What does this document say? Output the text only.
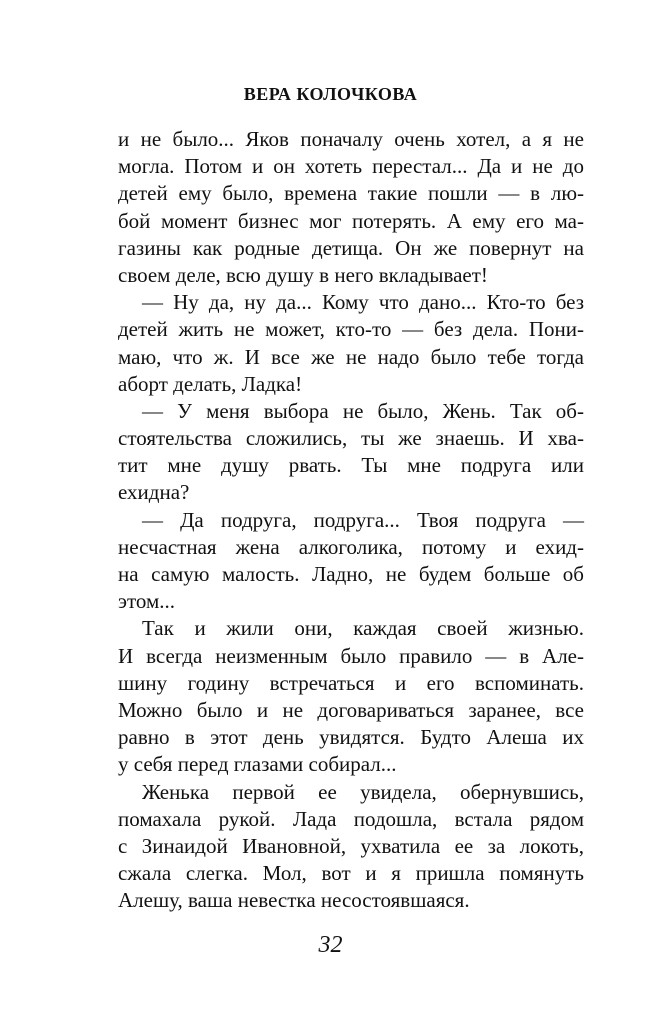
ВЕРА КОЛОЧКОВА
и не было... Яков поначалу очень хотел, а я не
могла. Потом и он хотеть перестал... Да и не до
детей ему было, времена такие пошли — в лю-
бой момент бизнес мог потерять. А ему его ма-
газины как родные детища. Он же повернут на
своем деле, всю душу в него вкладывает!
— Ну да, ну да... Кому что дано... Кто-то без
детей жить не может, кто-то — без дела. Пони-
маю, что ж. И все же не надо было тебе тогда
аборт делать, Ладка!
— У меня выбора не было, Жень. Так об-
стоятельства сложились, ты же знаешь. И хва-
тит мне душу рвать. Ты мне подруга или
ехидна?
— Да подруга, подруга... Твоя подруга —
несчастная жена алкоголика, потому и ехид-
на самую малость. Ладно, не будем больше об
этом...
Так и жили они, каждая своей жизнью.
И всегда неизменным было правило — в Але-
шину годину встречаться и его вспоминать.
Можно было и не договариваться заранее, все
равно в этот день увидятся. Будто Алеша их
у себя перед глазами собирал...
Женька первой ее увидела, обернувшись,
помахала рукой. Лада подошла, встала рядом
с Зинаидой Ивановной, ухватила ее за локоть,
сжала слегка. Мол, вот и я пришла помянуть
Алешу, ваша невестка несостоявшаяся.
32
